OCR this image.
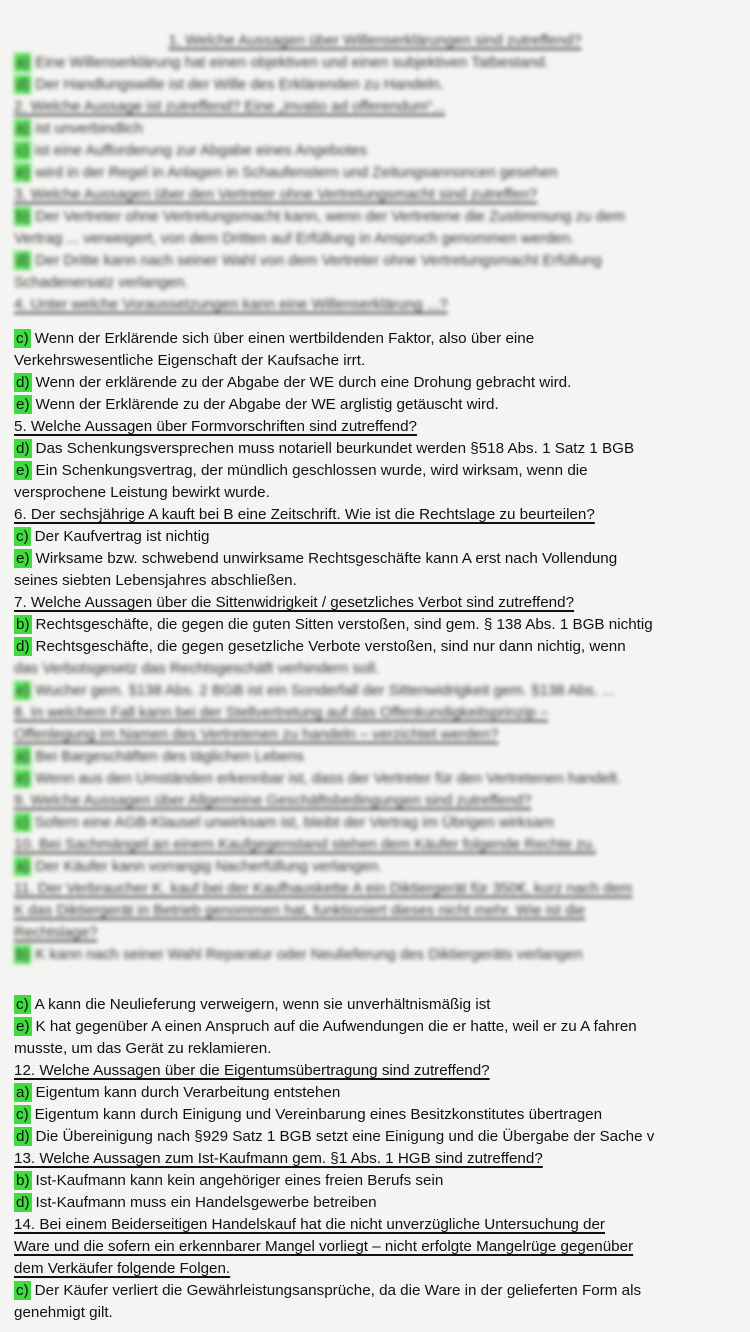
1. Welche Aussagen über Willenserklärungen sind zutreffend?
a) Eine Willenserklärung hat einen objektiven und einen subjektiven Tatbestand.
d) Der Handlungswille ist der Wille des Erklärenden zu Handeln.
2. Welche Aussage ist zutreffend? Eine „invatio ad offerendum“...
a) ist unverbindlich
c) ist eine Aufforderung zur Abgabe eines Angebotes
e) wird in der Regel in Anlagen in Schaufenstern und Zeitungsannoncen gesehen
3. Welche Aussagen über den Vertreter ohne Vertretungsmacht sind zutreffen?
b) Der Vertreter ohne Vertretungsmacht kann, wenn der Vertretene die Zustimmung zu dem
Vertrag ... verweigert, von dem Dritten auf Erfüllung in Anspruch genommen werden.
d) Der Dritte kann nach seiner Wahl von dem Vertreter ohne Vertretungsmacht Erfüllung
Schadenersatz verlangen.
4. Unter welche Voraussetzungen kann eine Willenserklärung ...?
c) Wenn der Erklärende sich über einen wertbildenden Faktor, also über eine
Verkehrswesentliche Eigenschaft der Kaufsache irrt.
d) Wenn der erklärende zu der Abgabe der WE durch eine Drohung gebracht wird.
e) Wenn der Erklärende zu der Abgabe der WE arglistig getäuscht wird.
5. Welche Aussagen über Formvorschriften sind zutreffend?
d) Das Schenkungsversprechen muss notariell beurkundet werden §518 Abs. 1 Satz 1 BGB
e) Ein Schenkungsvertrag, der mündlich geschlossen wurde, wird wirksam, wenn die
versprochene Leistung bewirkt wurde.
6. Der sechsjährige A kauft bei B eine Zeitschrift. Wie ist die Rechtslage zu beurteilen?
c) Der Kaufvertrag ist nichtig
e) Wirksame bzw. schwebend unwirksame Rechtsgeschäfte kann A erst nach Vollendung
seines siebten Lebensjahres abschließen.
7. Welche Aussagen über die Sittenwidrigkeit / gesetzliches Verbot sind zutreffend?
b) Rechtsgeschäfte, die gegen die guten Sitten verstoßen, sind gem. § 138 Abs. 1 BGB nichtig
d) Rechtsgeschäfte, die gegen gesetzliche Verbote verstoßen, sind nur dann nichtig, wenn
das Verbotsgesetz das Rechtsgeschäft verhindern soll.
e) Wucher gem. §138 Abs. 2 BGB ist ein Sonderfall der Sittenwidrigkeit gem. §138 Abs. ...
8. In welchem Fall kann bei der Stellvertretung auf das Offenkundigkeitsprinzip –
Offenlegung im Namen des Vertretenen zu handeln – verzichtet werden?
a) Bei Bargeschäften des täglichen Lebens
e) Wenn aus den Umständen erkennbar ist, dass der Vertreter für den Vertretenen handelt.
9. Welche Aussagen über Allgemeine Geschäftsbedingungen sind zutreffend?
c) Sofern eine AGB-Klausel unwirksam ist, bleibt der Vertrag im Übrigen wirksam
10. Bei Sachmängel an einem Kaufgegenstand stehen dem Käufer folgende Rechte zu.
a) Der Käufer kann vorrangig Nacherfüllung verlangen.
11. Der Verbraucher K. kauf bei der Kaufhauskette A ein Diktiergerät für 350€, kurz nach dem
K das Diktiergerät in Betrieb genommen hat, funktioniert dieses nicht mehr. Wie ist die
Rechtslage?
b) K kann nach seiner Wahl Reparatur oder Neulieferung des Diktiergeräts verlangen
c) A kann die Neulieferung verweigern, wenn sie unverhältnismäßig ist
e) K hat gegenüber A einen Anspruch auf die Aufwendungen die er hatte, weil er zu A fahren
musste, um das Gerät zu reklamieren.
12. Welche Aussagen über die Eigentumsübertragung sind zutreffend?
a) Eigentum kann durch Verarbeitung entstehen
c) Eigentum kann durch Einigung und Vereinbarung eines Besitzkonstitutes übertragen
d) Die Übereinigung nach §929 Satz 1 BGB setzt eine Einigung und die Übergabe der Sache v
13. Welche Aussagen zum Ist-Kaufmann gem. §1 Abs. 1 HGB sind zutreffend?
b) Ist-Kaufmann kann kein angehöriger eines freien Berufs sein
d) Ist-Kaufmann muss ein Handelsgewerbe betreiben
14. Bei einem Beiderseitigen Handelskauf hat die nicht unverzügliche Untersuchung der
Ware und die sofern ein erkennbarer Mangel vorliegt – nicht erfolgte Mangelrüge gegenüber
dem Verkäufer folgende Folgen.
c) Der Käufer verliert die Gewährleistungsansprüche, da die Ware in der gelieferten Form als
genehmigt gilt.
